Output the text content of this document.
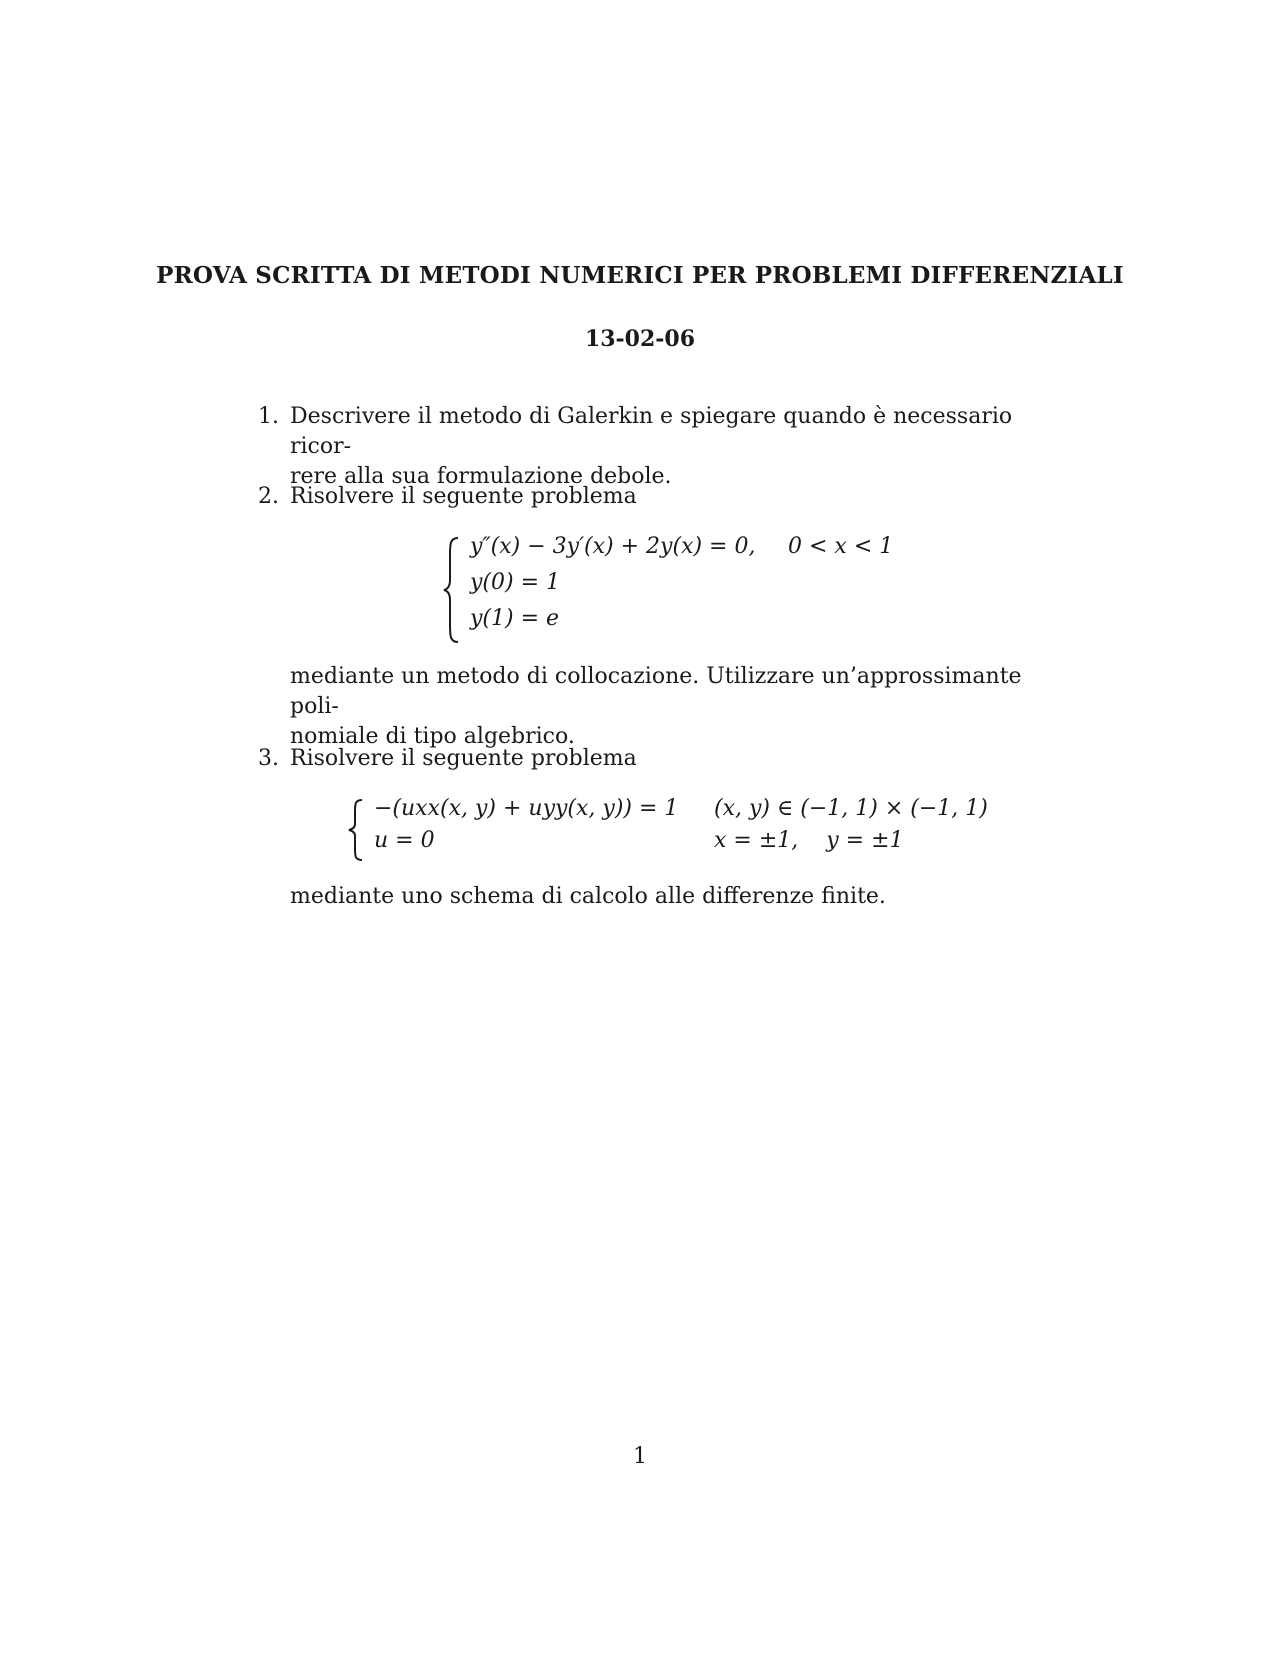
PROVA SCRITTA DI METODI NUMERICI PER PROBLEMI DIFFERENZIALI
13-02-06
1. Descrivere il metodo di Galerkin e spiegare quando è necessario ricor-
rere alla sua formulazione debole.
2. Risolvere il seguente problema
y″(x) − 3y′(x) + 2y(x) = 0, 0 < x < 1
y(0) = 1
y(1) = e
mediante un metodo di collocazione. Utilizzare un’approssimante poli-
nomiale di tipo algebrico.
3. Risolvere il seguente problema
−(uxx(x, y) + uyy(x, y)) = 1 (x, y) ∈ (−1, 1) × (−1, 1)
u = 0	x = ±1,    y = ±1
mediante uno schema di calcolo alle differenze finite.
1
